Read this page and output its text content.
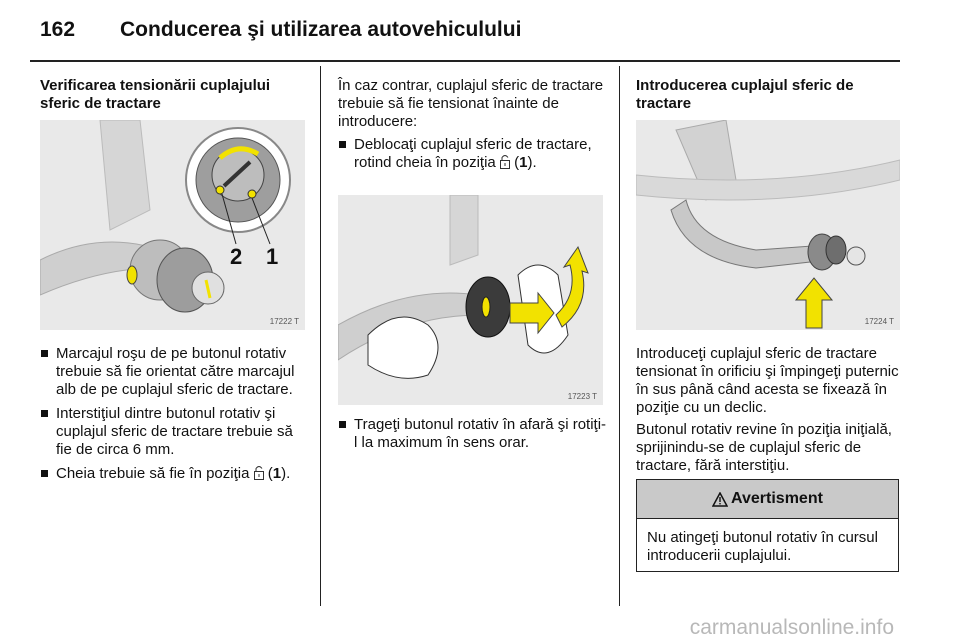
162 Conducerea şi utilizarea autovehiculului
Verificarea tensionării cuplajului sferic de tractare
2 1
17222 T
Marcajul roşu de pe butonul rotativ trebuie să fie orientat către marcajul alb de pe cuplajul sferic de tractare.
Interstiţiul dintre butonul rotativ şi cuplajul sferic de tractare trebuie să fie de circa 6 mm.
Cheia trebuie să fie în poziţia  (1).

În caz contrar, cuplajul sferic de tractare trebuie să fie tensionat înainte de introducere:

Deblocaţi cuplajul sferic de tractare, rotind cheia în poziţia  (1).
17223 T
Trageţi butonul rotativ în afară şi rotiţi-l la maximum în sens orar.
Introducerea cuplajul sferic de tractare
17224 T

Introduceţi cuplajul sferic de tractare tensionat în orificiu şi împingeţi puternic în sus până când acesta se fixează în poziţie cu un declic.

Butonul rotativ revine în poziţia iniţială, sprijinindu-se de cuplajul sferic de tractare, fără interstiţiu.

Avertisment
Nu atingeţi butonul rotativ în cursul introducerii cuplajului.
carmanualsonline.info
